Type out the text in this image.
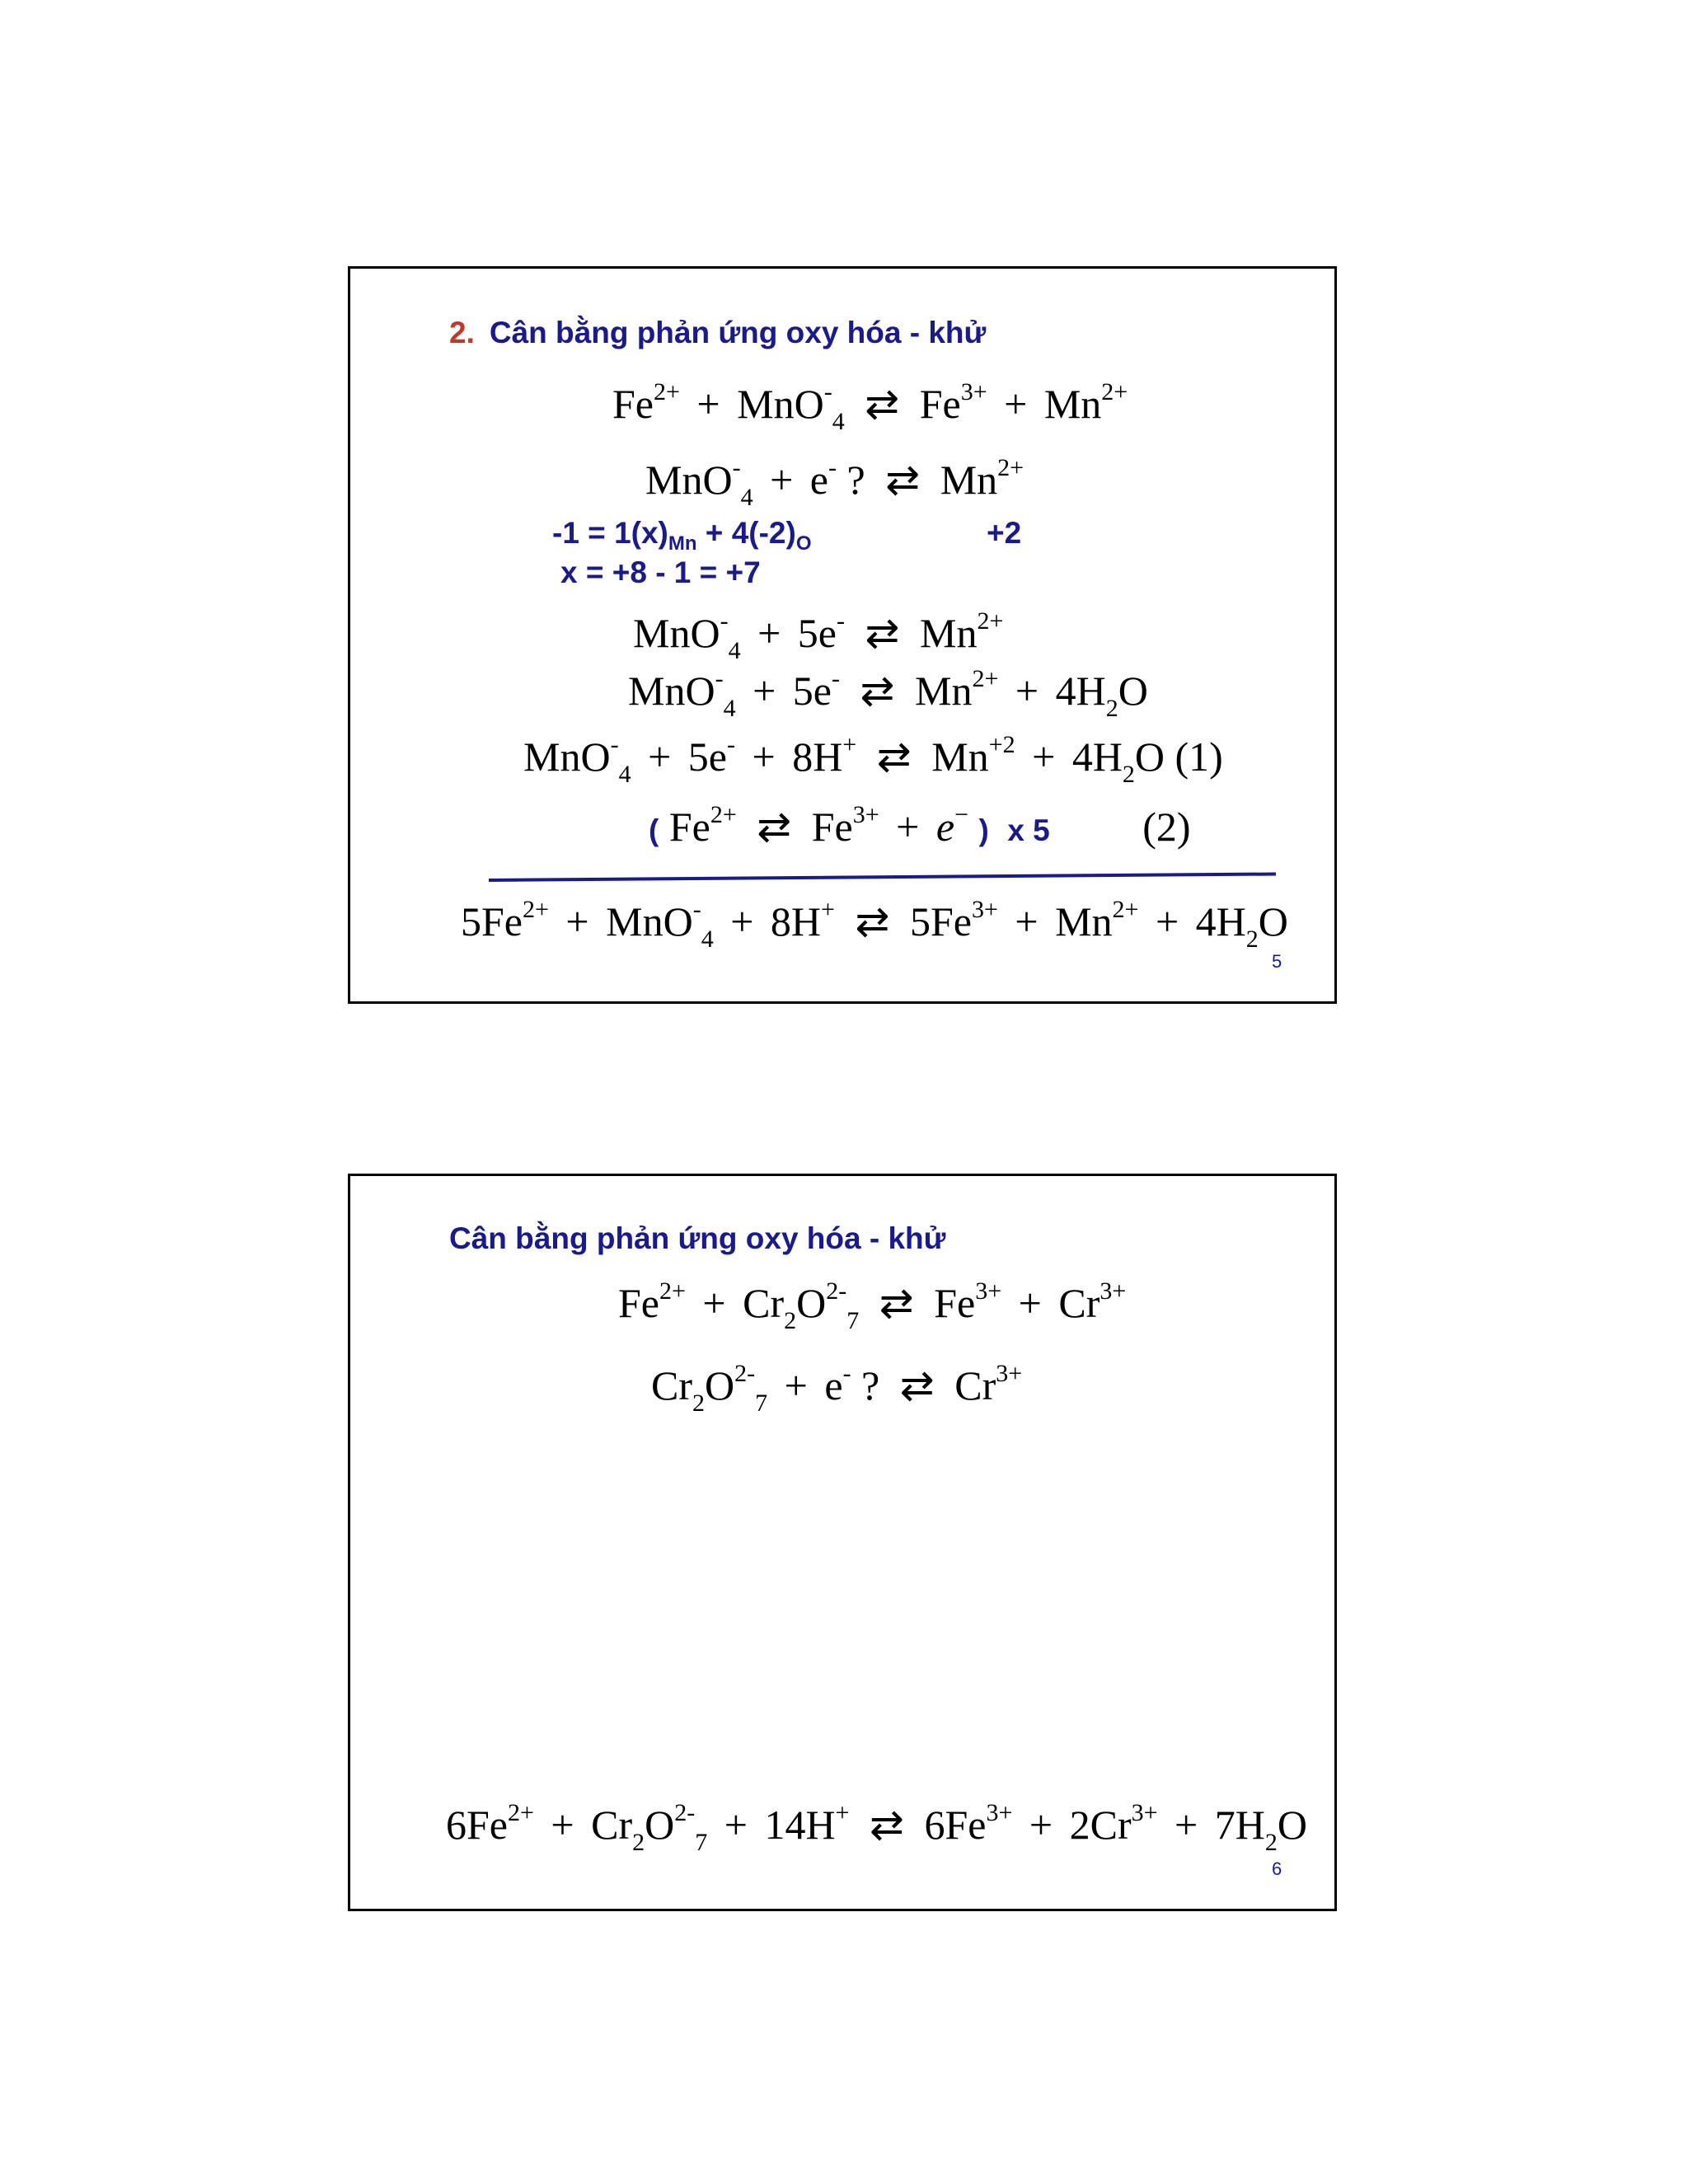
2. Cân bằng phản ứng oxy hóa - khử
$Fe^{2+} + MnO^-_4$ ⇄ $Fe^{3+} + Mn^{2+}$
MnO-$_4$ + e- ? ⇄ $Mn^{2+}$
$-1 = 1(x)_{Mn} + 4(-2)_O$	+2
x = +8 - 1 = +7
MnO-$_4$ + 5e- ⇄ $Mn^{2+}$
MnO-$_4$ + 5e- ⇄ $Mn^{2+} + 4H_2O$
MnO-$_4$ + 5e- + 8H+ ⇄ $Mn^{+2} + 4H_2O$ (1)
( $Fe^{2+}$ ⇄ $Fe^{3+} + e^-$ ) x 5 (2)
$5Fe^{2+} + MnO^-_4 + 8H^+$ ⇄ $5Fe^{3+} + Mn^{2+} + 4H_2O$
5
Cân bằng phản ứng oxy hóa - khử
$Fe^{2+} + Cr_2O^{2-}_7$ ⇄ $Fe^{3+} + Cr^{3+}$
$Cr_2O^{2-}_7 + e^-$ ? ⇄ $Cr^{3+}$
$6Fe^{2+} + Cr_2O^{2-}_7 + 14H^+$ ⇄ $6Fe^{3+} + 2Cr^{3+} + 7H_2O$
6
